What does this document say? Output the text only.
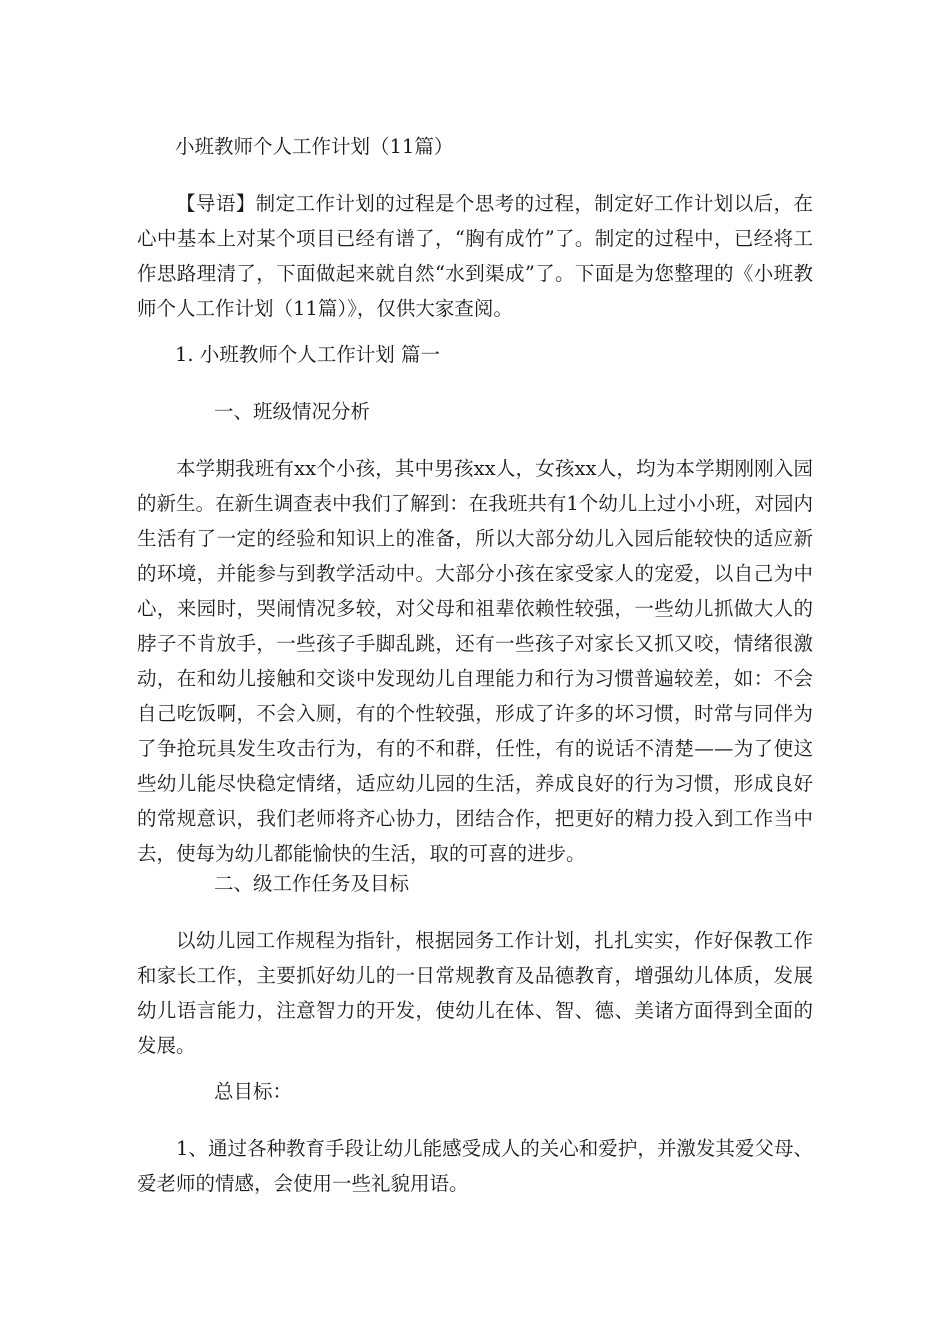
小班教师个人工作计划（11篇）

【导语】制定工作计划的过程是个思考的过程，制定好工作计划以后，在心中基本上对某个项目已经有谱了，“胸有成竹”了。制定的过程中，已经将工作思路理清了，下面做起来就自然“水到渠成”了。下面是为您整理的《小班教师个人工作计划（11篇）》，仅供大家查阅。

1. 小班教师个人工作计划 篇一

一、班级情况分析

本学期我班有xx个小孩，其中男孩xx人，女孩xx人，均为本学期刚刚入园的新生。在新生调查表中我们了解到：在我班共有1个幼儿上过小小班，对园内生活有了一定的经验和知识上的准备，所以大部分幼儿入园后能较快的适应新的环境，并能参与到教学活动中。大部分小孩在家受家人的宠爱，以自己为中心，来园时，哭闹情况多较，对父母和祖辈依赖性较强，一些幼儿抓做大人的脖子不肯放手，一些孩子手脚乱跳，还有一些孩子对家长又抓又咬，情绪很激动，在和幼儿接触和交谈中发现幼儿自理能力和行为习惯普遍较差，如：不会自己吃饭啊，不会入厕，有的个性较强，形成了许多的坏习惯，时常与同伴为了争抢玩具发生攻击行为，有的不和群，任性，有的说话不清楚——为了使这些幼儿能尽快稳定情绪，适应幼儿园的生活，养成良好的行为习惯，形成良好的常规意识，我们老师将齐心协力，团结合作，把更好的精力投入到工作当中去，使每为幼儿都能愉快的生活，取的可喜的进步。

二、级工作任务及目标

以幼儿园工作规程为指针，根据园务工作计划，扎扎实实，作好保教工作和家长工作，主要抓好幼儿的一日常规教育及品德教育，增强幼儿体质，发展幼儿语言能力，注意智力的开发，使幼儿在体、智、德、美诸方面得到全面的发展。

总目标：

1、通过各种教育手段让幼儿能感受成人的关心和爱护，并激发其爱父母、爱老师的情感，会使用一些礼貌用语。
